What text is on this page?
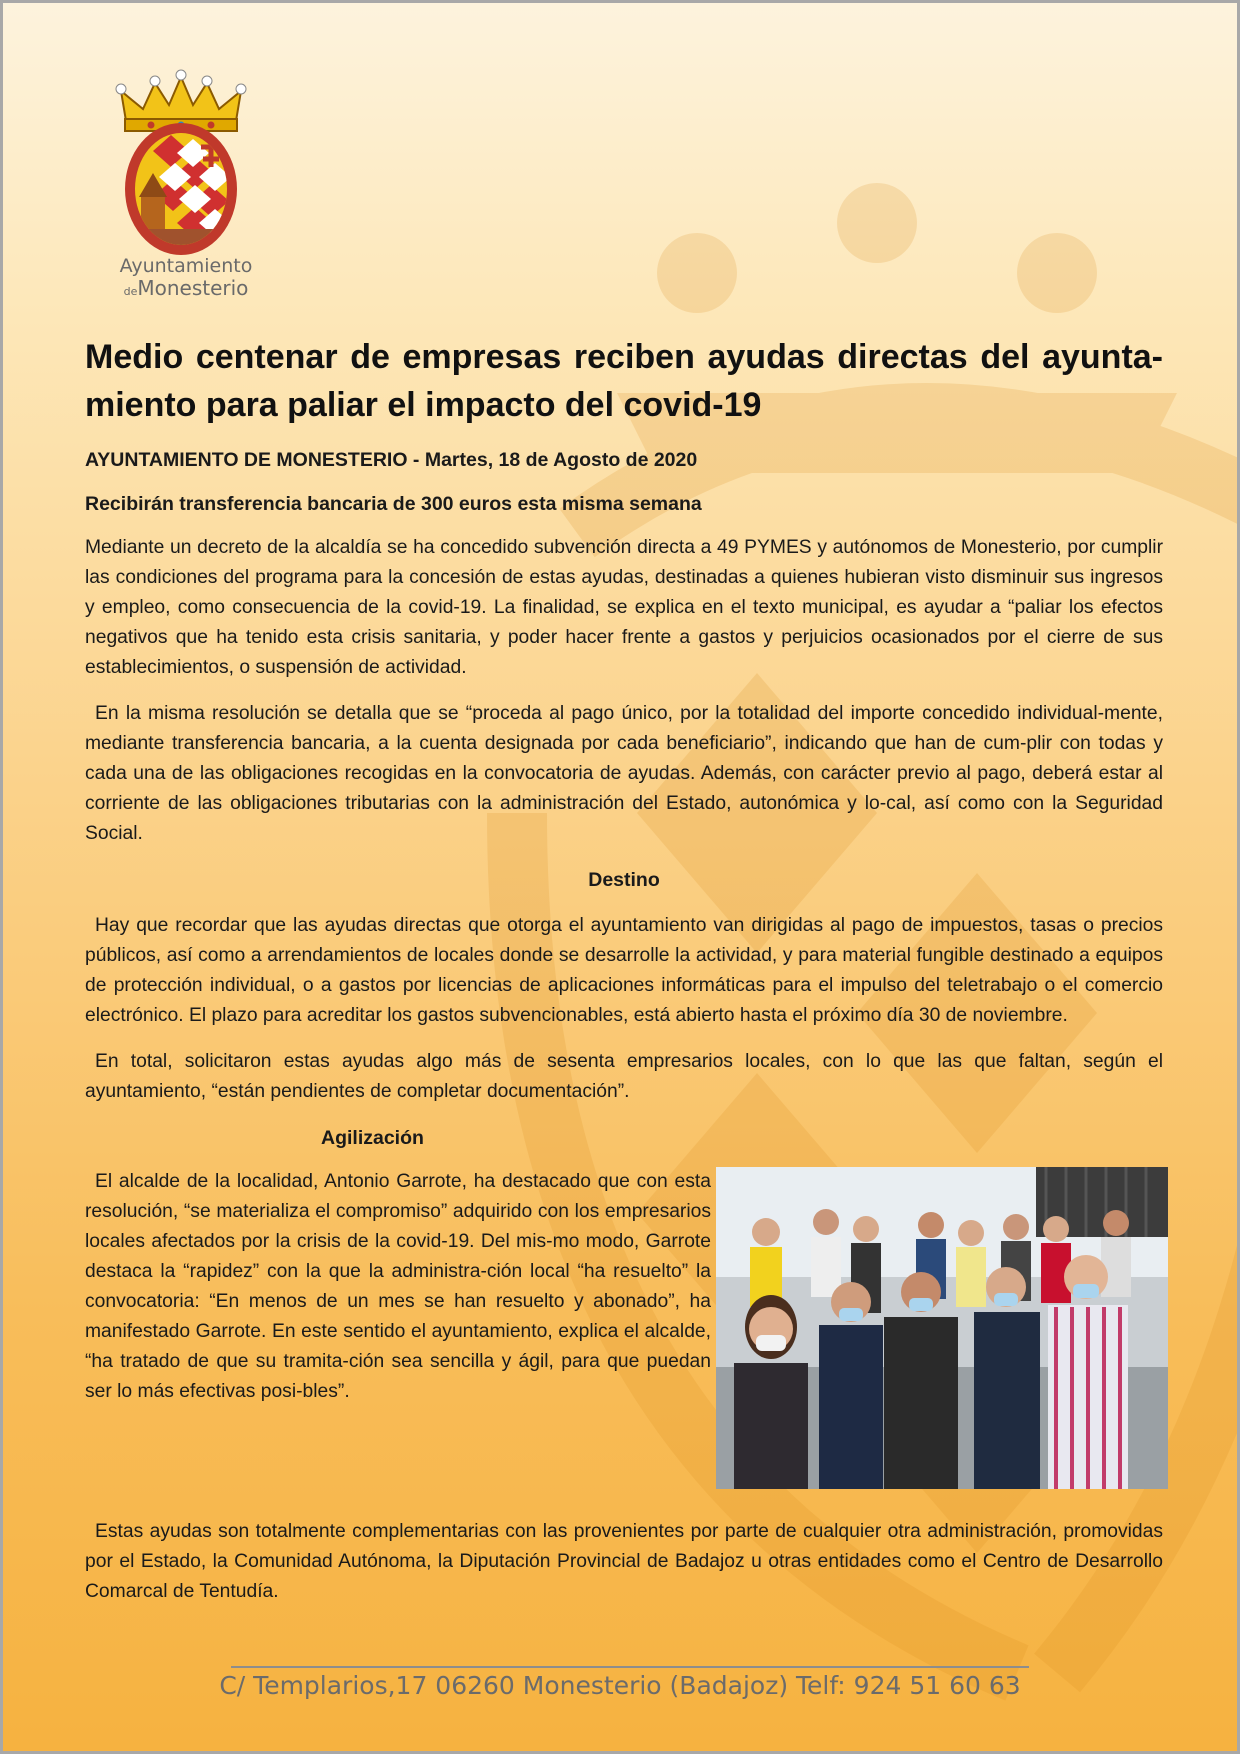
Ayuntamiento
deMonesterio
Medio centenar de empresas reciben ayudas directas del ayunta-miento para paliar el impacto del covid-19
AYUNTAMIENTO DE MONESTERIO - Martes, 18 de Agosto de 2020
Recibirán transferencia bancaria de 300 euros esta misma semana

Mediante un decreto de la alcaldía se ha concedido subvención directa a 49 PYMES y autónomos de Monesterio, por cumplir las condiciones del programa para la concesión de estas ayudas, destinadas a quienes hubieran visto disminuir sus ingresos y empleo, como consecuencia de la covid-19. La finalidad, se explica en el texto municipal, es ayudar a “paliar los efectos negativos que ha tenido esta crisis sanitaria, y poder hacer frente a gastos y perjuicios ocasionados por el cierre de sus establecimientos, o suspensión de actividad.

En la misma resolución se detalla que se “proceda al pago único, por la totalidad del importe concedido individual-mente, mediante transferencia bancaria, a la cuenta designada por cada beneficiario”, indicando que han de cum-plir con todas y cada una de las obligaciones recogidas en la convocatoria de ayudas. Además, con carácter previo al pago, deberá estar al corriente de las obligaciones tributarias con la administración del Estado, autonómica y lo-cal, así como con la Seguridad Social.

Destino

Hay que recordar que las ayudas directas que otorga el ayuntamiento van dirigidas al pago de impuestos, tasas o precios públicos, así como a arrendamientos de locales donde se desarrolle la actividad, y para material fungible destinado a equipos de protección individual, o a gastos por licencias de aplicaciones informáticas para el impulso del teletrabajo o el comercio electrónico. El plazo para acreditar los gastos subvencionables, está abierto hasta el próximo día 30 de noviembre.

En total, solicitaron estas ayudas algo más de sesenta empresarios locales, con lo que las que faltan, según el ayuntamiento, “están pendientes de completar documentación”.

Agilización

El alcalde de la localidad, Antonio Garrote, ha destacado que con esta resolución, “se materializa el compromiso” adquirido con los empresarios locales afectados por la crisis de la covid-19. Del mis-mo modo, Garrote destaca la “rapidez” con la que la administra-ción local “ha resuelto” la convocatoria: “En menos de un mes se han resuelto y abonado”, ha manifestado Garrote. En este sentido el ayuntamiento, explica el alcalde, “ha tratado de que su tramita-ción sea sencilla y ágil, para que puedan ser lo más efectivas posi-bles”.

Estas ayudas son totalmente complementarias con las provenientes por parte de cualquier otra administración, promovidas por el Estado, la Comunidad Autónoma, la Diputación Provincial de Badajoz u otras entidades como el Centro de Desarrollo Comarcal de Tentudía.

C/ Templarios,17 06260 Monesterio (Badajoz) Telf: 924 51 60 63
